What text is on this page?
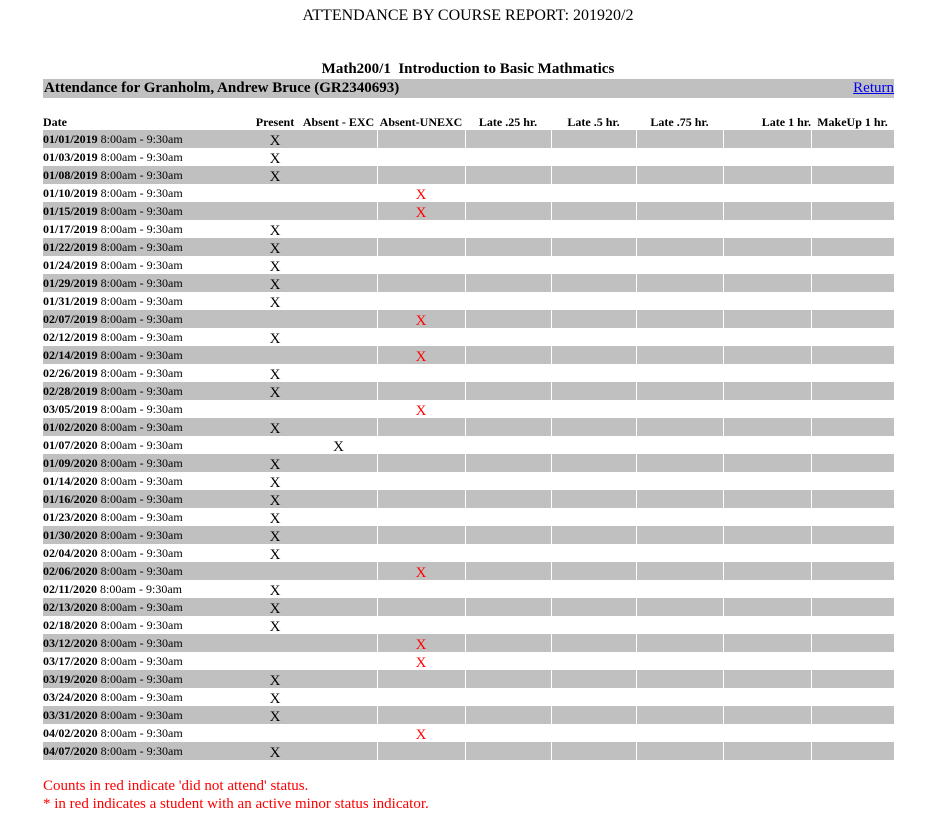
ATTENDANCE BY COURSE REPORT: 201920/2
Math200/1  Introduction to Basic Mathmatics
Attendance for Granholm, Andrew Bruce (GR2340693)	Return
Date	Present	Absent - EXC	Absent-UNEXC	Late .25 hr.	Late .5 hr.	Late .75 hr.	Late 1 hr.	MakeUp 1 hr.
01/01/2019 8:00am - 9:30am	X							
01/03/2019 8:00am - 9:30am	X							
01/08/2019 8:00am - 9:30am	X							
01/10/2019 8:00am - 9:30am			X					
01/15/2019 8:00am - 9:30am			X					
01/17/2019 8:00am - 9:30am	X							
01/22/2019 8:00am - 9:30am	X							
01/24/2019 8:00am - 9:30am	X							
01/29/2019 8:00am - 9:30am	X							
01/31/2019 8:00am - 9:30am	X							
02/07/2019 8:00am - 9:30am			X					
02/12/2019 8:00am - 9:30am	X							
02/14/2019 8:00am - 9:30am			X					
02/26/2019 8:00am - 9:30am	X							
02/28/2019 8:00am - 9:30am	X							
03/05/2019 8:00am - 9:30am			X					
01/02/2020 8:00am - 9:30am	X							
01/07/2020 8:00am - 9:30am		X						
01/09/2020 8:00am - 9:30am	X							
01/14/2020 8:00am - 9:30am	X							
01/16/2020 8:00am - 9:30am	X							
01/23/2020 8:00am - 9:30am	X							
01/30/2020 8:00am - 9:30am	X							
02/04/2020 8:00am - 9:30am	X							
02/06/2020 8:00am - 9:30am			X					
02/11/2020 8:00am - 9:30am	X							
02/13/2020 8:00am - 9:30am	X							
02/18/2020 8:00am - 9:30am	X							
03/12/2020 8:00am - 9:30am			X					
03/17/2020 8:00am - 9:30am			X					
03/19/2020 8:00am - 9:30am	X							
03/24/2020 8:00am - 9:30am	X							
03/31/2020 8:00am - 9:30am	X							
04/02/2020 8:00am - 9:30am			X					
04/07/2020 8:00am - 9:30am	X							
Counts in red indicate 'did not attend' status.
* in red indicates a student with an active minor status indicator.
